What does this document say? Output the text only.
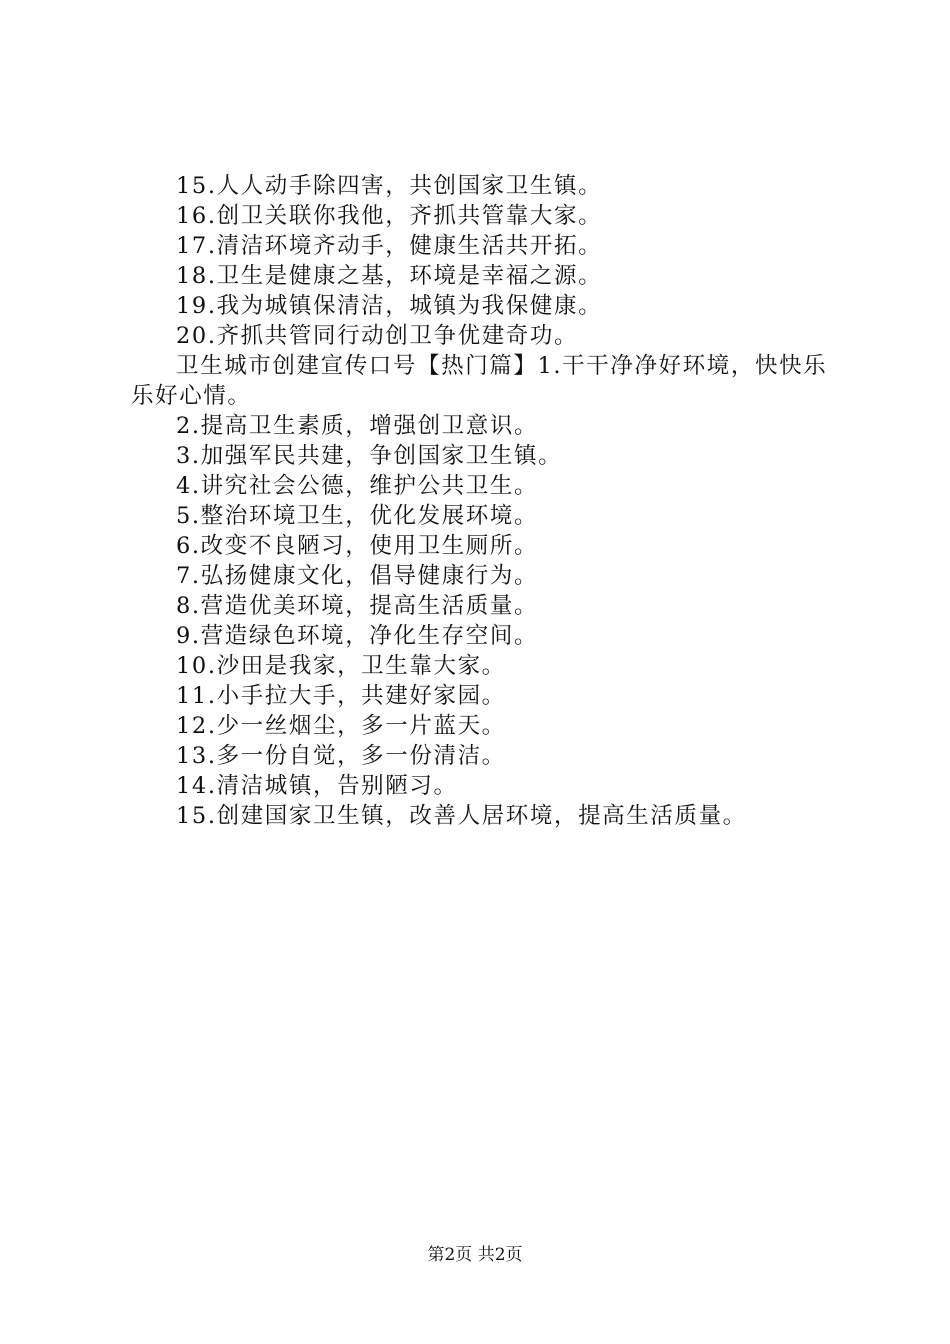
15.人人动手除四害，共创国家卫生镇。
16.创卫关联你我他，齐抓共管靠大家。
17.清洁环境齐动手，健康生活共开拓。
18.卫生是健康之基，环境是幸福之源。
19.我为城镇保清洁，城镇为我保健康。
20.齐抓共管同行动创卫争优建奇功。
卫生城市创建宣传口号【热门篇】1.干干净净好环境，快快乐乐好心情。
2.提高卫生素质，增强创卫意识。
3.加强军民共建，争创国家卫生镇。
4.讲究社会公德，维护公共卫生。
5.整治环境卫生，优化发展环境。
6.改变不良陋习，使用卫生厕所。
7.弘扬健康文化，倡导健康行为。
8.营造优美环境，提高生活质量。
9.营造绿色环境，净化生存空间。
10.沙田是我家，卫生靠大家。
11.小手拉大手，共建好家园。
12.少一丝烟尘，多一片蓝天。
13.多一份自觉，多一份清洁。
14.清洁城镇，告别陋习。
15.创建国家卫生镇，改善人居环境，提高生活质量。
第2页 共2页
